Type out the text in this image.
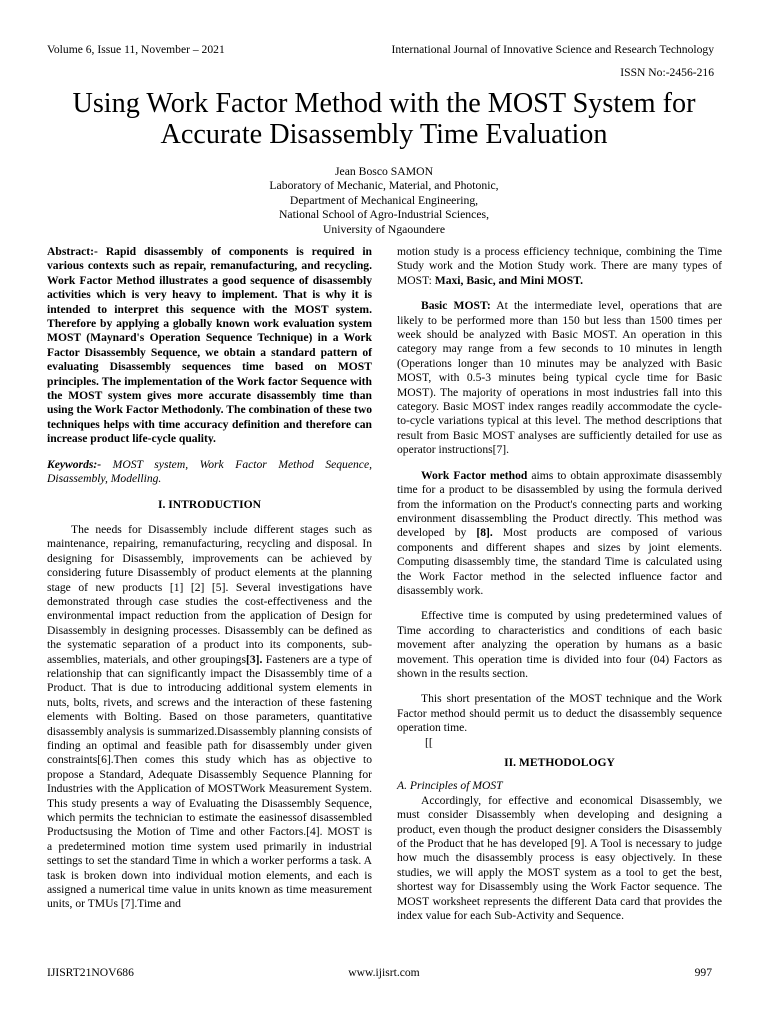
Volume 6, Issue 11, November – 2021	International Journal of Innovative Science and Research Technology
ISSN No:-2456-216
Using Work Factor Method with the MOST System for Accurate Disassembly Time Evaluation
Jean Bosco SAMON
Laboratory of Mechanic, Material, and Photonic,
Department of Mechanical Engineering,
National School of Agro-Industrial Sciences,
University of Ngaoundere

Abstract:- Rapid disassembly of components is required in various contexts such as repair, remanufacturing, and recycling. Work Factor Method illustrates a good sequence of disassembly activities which is very heavy to implement. That is why it is intended to interpret this sequence with the MOST system. Therefore by applying a globally known work evaluation system MOST (Maynard's Operation Sequence Technique) in a Work Factor Disassembly Sequence, we obtain a standard pattern of evaluating Disassembly sequences time based on MOST principles. The implementation of the Work factor Sequence with the MOST system gives more accurate disassembly time than using the Work Factor Methodonly. The combination of these two techniques helps with time accuracy definition and therefore can increase product life-cycle quality.

Keywords:- MOST system, Work Factor Method Sequence, Disassembly, Modelling.

I. INTRODUCTION

The needs for Disassembly include different stages such as maintenance, repairing, remanufacturing, recycling and disposal. In designing for Disassembly, improvements can be achieved by considering future Disassembly of product elements at the planning stage of new products [1] [2] [5]. Several investigations have demonstrated through case studies the cost-effectiveness and the environmental impact reduction from the application of Design for Disassembly in designing processes. Disassembly can be defined as the systematic separation of a product into its components, sub-assemblies, materials, and other groupings[3]. Fasteners are a type of relationship that can significantly impact the Disassembly time of a Product. That is due to introducing additional system elements in nuts, bolts, rivets, and screws and the interaction of these fastening elements with Bolting. Based on those parameters, quantitative disassembly analysis is summarized.Disassembly planning consists of finding an optimal and feasible path for disassembly under given constraints[6].Then comes this study which has as objective to propose a Standard, Adequate Disassembly Sequence Planning for Industries with the Application of MOSTWork Measurement System. This study presents a way of Evaluating the Disassembly Sequence, which permits the technician to estimate the easinessof disassembled Productsusing the Motion of Time and other Factors.[4]. MOST is a predetermined motion time system used primarily in industrial settings to set the standard Time in which a worker performs a task. A task is broken down into individual motion elements, and each is assigned a numerical time value in units known as time measurement units, or TMUs [7].Time and

motion study is a process efficiency technique, combining the Time Study work and the Motion Study work. There are many types of MOST: Maxi, Basic, and Mini MOST.

Basic MOST: At the intermediate level, operations that are likely to be performed more than 150 but less than 1500 times per week should be analyzed with Basic MOST. An operation in this category may range from a few seconds to 10 minutes in length (Operations longer than 10 minutes may be analyzed with Basic MOST, with 0.5-3 minutes being typical cycle time for Basic MOST). The majority of operations in most industries fall into this category. Basic MOST index ranges readily accommodate the cycle-to-cycle variations typical at this level. The method descriptions that result from Basic MOST analyses are sufficiently detailed for use as operator instructions[7].

Work Factor method aims to obtain approximate disassembly time for a product to be disassembled by using the formula derived from the information on the Product's connecting parts and working environment disassembling the Product directly. This method was developed by [8]. Most products are composed of various components and different shapes and sizes by joint elements. Computing disassembly time, the standard Time is calculated using the Work Factor method in the selected influence factor and disassembly work.

Effective time is computed by using predetermined values of Time according to characteristics and conditions of each basic movement after analyzing the operation by humans as a basic movement. This operation time is divided into four (04) Factors as shown in the results section.

This short presentation of the MOST technique and the Work Factor method should permit us to deduct the disassembly sequence operation time.

[[

II. METHODOLOGY

A. Principles of MOST

Accordingly, for effective and economical Disassembly, we must consider Disassembly when developing and designing a product, even though the product designer considers the Disassembly of the Product that he has developed [9]. A Tool is necessary to judge how much the disassembly process is easy objectively. In these studies, we will apply the MOST system as a tool to get the best, shortest way for Disassembly using the Work Factor sequence. The MOST worksheet represents the different Data card that provides the index value for each Sub-Activity and Sequence.

IJISRT21NOV686	www.ijisrt.com	997
